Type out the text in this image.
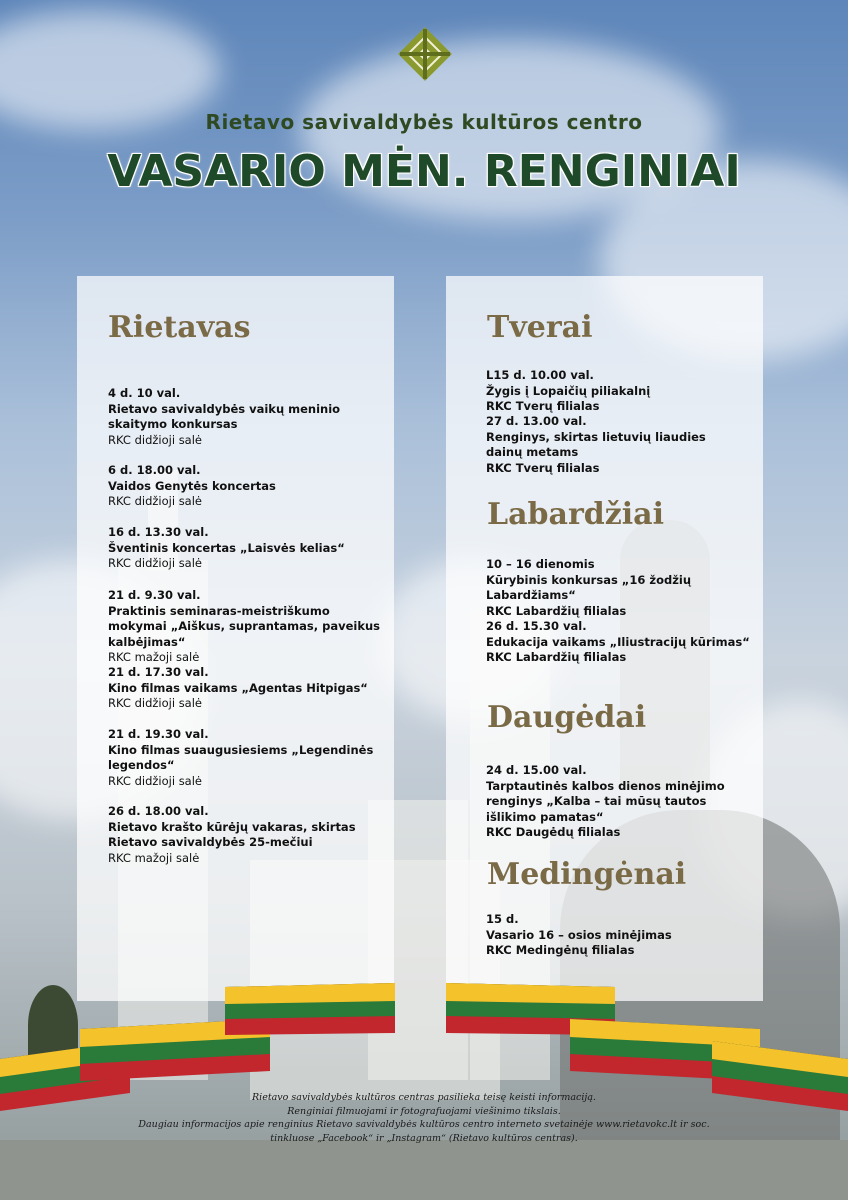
Rietavo savivaldybės kultūros centro
VASARIO MĖN. RENGINIAI
Rietavas
4 d. 10 val.
Rietavo savivaldybės vaikų meninio skaitymo konkursas
RKC didžioji salė
6 d. 18.00 val.
Vaidos Genytės koncertas
RKC didžioji salė
16 d. 13.30 val.
Šventinis koncertas „Laisvės kelias“
RKC didžioji salė
21 d. 9.30 val.
Praktinis seminaras-meistriškumo mokymai „Aiškus, suprantamas, paveikus kalbėjimas“
RKC mažoji salė
21 d. 17.30 val.
Kino filmas vaikams „Agentas Hitpigas“
RKC didžioji salė
21 d. 19.30 val.
Kino filmas suaugusiesiems „Legendinės legendos“
RKC didžioji salė
26 d. 18.00 val.
Rietavo krašto kūrėjų vakaras, skirtas Rietavo savivaldybės 25-mečiui
RKC mažoji salė
Tverai
L15 d. 10.00 val.
Žygis į Lopaičių piliakalnį
RKC Tverų filialas
27 d. 13.00 val.
Renginys, skirtas lietuvių liaudies dainų metams
RKC Tverų filialas
Labardžiai
10 – 16 dienomis
Kūrybinis konkursas „16 žodžių Labardžiams“
RKC Labardžių filialas
26 d. 15.30 val.
Edukacija vaikams „Iliustracijų kūrimas“
RKC Labardžių filialas
Daugėdai
24 d. 15.00 val.
Tarptautinės kalbos dienos minėjimo renginys „Kalba – tai mūsų tautos išlikimo pamatas“
RKC Daugėdų filialas
Medingėnai
15 d.
Vasario 16 – osios minėjimas
RKC Medingėnų filialas
Rietavo savivaldybės kultūros centras pasilieka teisę keisti informaciją.
Renginiai filmuojami ir fotografuojami viešinimo tikslais.
Daugiau informacijos apie renginius Rietavo savivaldybės kultūros centro interneto svetainėje www.rietavokc.lt ir soc.
tinkluose „Facebook“ ir „Instagram“ (Rietavo kultūros centras).
